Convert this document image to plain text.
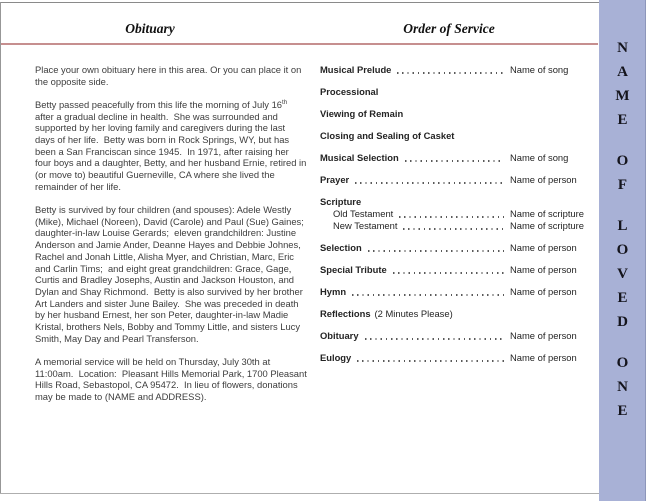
Obituary	Order of Service

Place your own obituary here in this area. Or you can place it on the opposite side.

Betty passed peacefully from this life the morning of July 16th after a gradual decline in health.  She was surrounded and supported by her loving family and caregivers during the last days of her life.  Betty was born in Rock Springs, WY, but has been a San Franciscan since 1945.  In 1971, after raising her four boys and a daughter, Betty, and her husband Ernie, retired in (or move to) beautiful Guerneville, CA where she lived the remainder of her life.

Betty is survived by four children (and spouses): Adele Westly (Mike), Michael (Noreen), David (Carole) and Paul (Sue) Gaines;  daughter-in-law Louise Gerards;  eleven grandchildren: Justine Anderson and Jamie Ander, Deanne Hayes and Debbie Johnes, Rachel and Jonah Little, Alisha Myer, and Christian, Marc, Eric and Carlin Tims;  and eight great grandchildren: Grace, Gage, Curtis and Bradley Josephs, Austin and Jackson Houston, and Dylan and Shay Richmond.  Betty is also survived by her brother Art Landers and sister June Bailey.  She was preceded in death by her husband Ernest, her son Peter, daughter-in-law Madie Kristal, brothers Nels, Bobby and Tommy Little, and sisters Lucy Smith, May Day and Pearl Transferson.

A memorial service will be held on Thursday, July 30th at 11:00am.  Location:  Pleasant Hills Memorial Park, 1700 Pleasant Hills Road, Sebastopol, CA 95472.  In lieu of flowers, donations may be made to (NAME and ADDRESS).

Musical Prelude	Name of song
Processional
Viewing of Remain
Closing and Sealing of Casket
Musical Selection	Name of song
Prayer	Name of person
Scripture
Old Testament	Name of scripture
New Testament	Name of scripture
Selection	Name of person
Special Tribute	Name of person
Hymn	Name of person
Reflections (2 Minutes Please)
Obituary	Name of person
Eulogy	Name of person
NAME
OF
LOVED
ONE
